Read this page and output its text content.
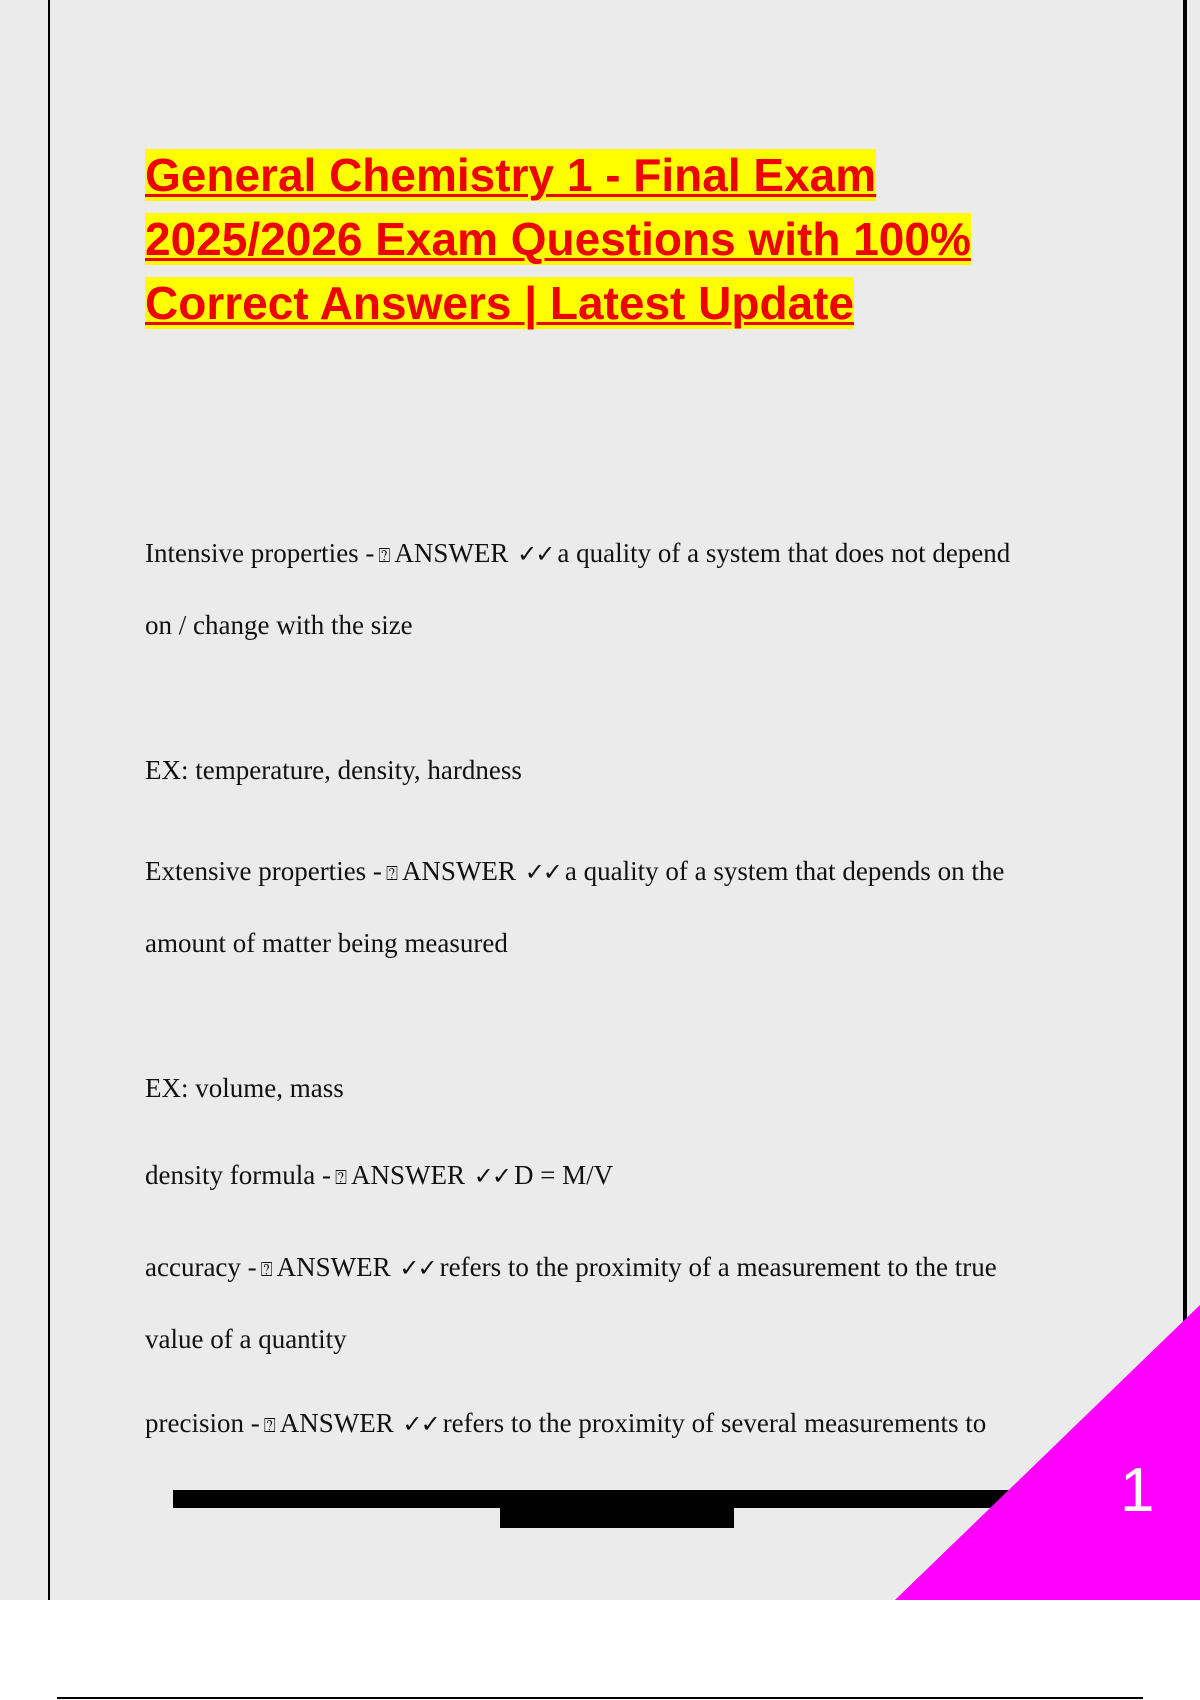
General Chemistry 1 - Final Exam
2025/2026 Exam Questions with 100%
Correct Answers | Latest Update
Intensive properties - ⍰ ANSWER ✓✓ a quality of a system that does not depend
on / change with the size
EX: temperature, density, hardness
Extensive properties - ⍰ ANSWER ✓✓ a quality of a system that depends on the
amount of matter being measured
EX: volume, mass
density formula - ⍰ ANSWER ✓✓ D = M/V
accuracy - ⍰ ANSWER ✓✓ refers to the proximity of a measurement to the true
value of a quantity
precision - ⍰ ANSWER ✓✓ refers to the proximity of several measurements to
1
